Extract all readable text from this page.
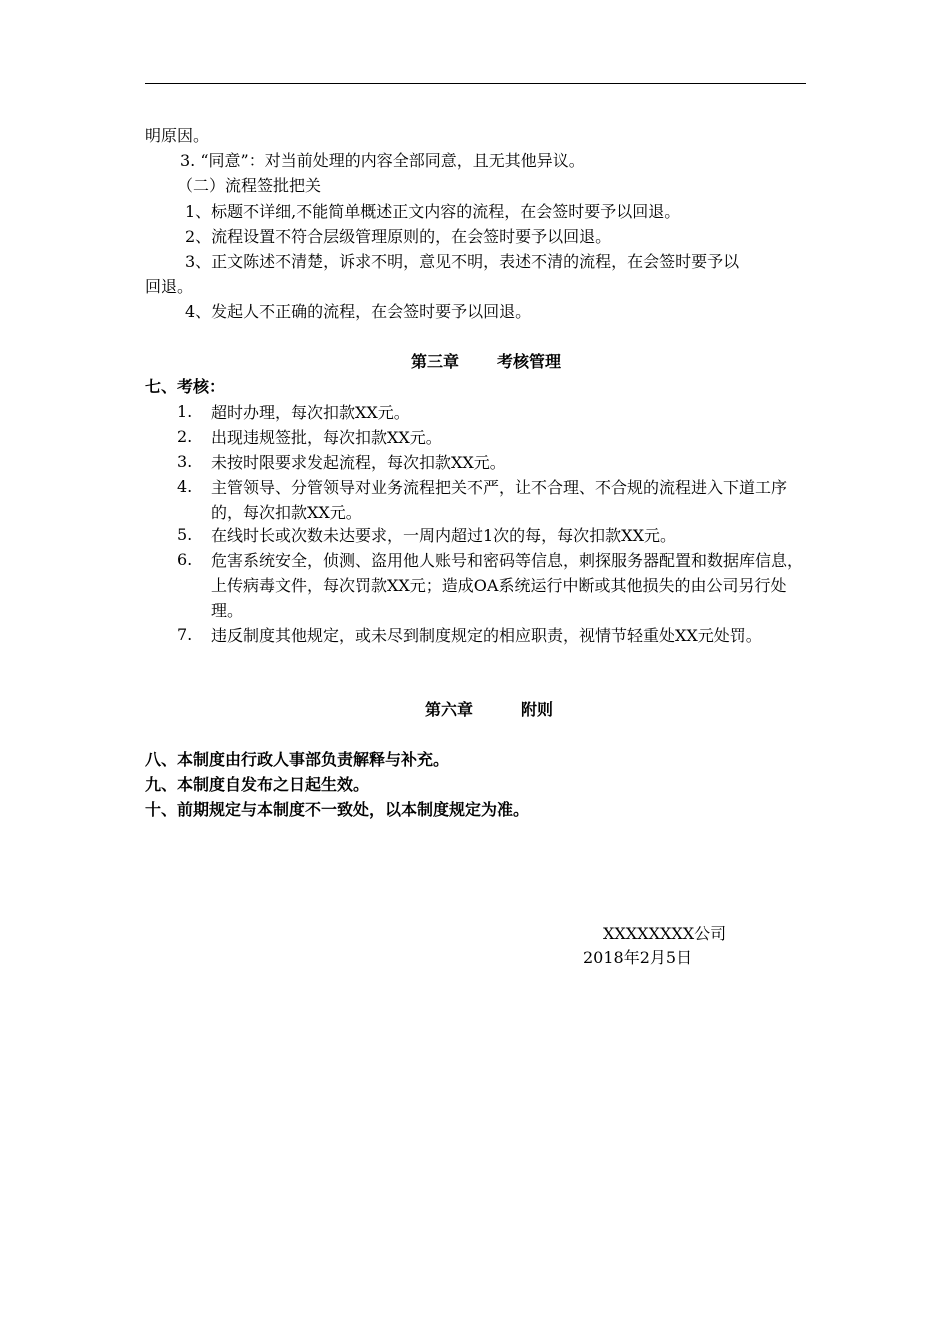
明原因。
3. “同意”：对当前处理的内容全部同意，且无其他异议。
（二）流程签批把关
1、标题不详细,不能简单概述正文内容的流程，在会签时要予以回退。
2、流程设置不符合层级管理原则的，在会签时要予以回退。
3、正文陈述不清楚，诉求不明，意见不明，表述不清的流程，在会签时要予以
回退。
4、发起人不正确的流程，在会签时要予以回退。
第三章 考核管理
七、考核：
1. 超时办理，每次扣款XX元。
2. 出现违规签批，每次扣款XX元。
3. 未按时限要求发起流程，每次扣款XX元。
4. 主管领导、分管领导对业务流程把关不严，让不合理、不合规的流程进入下道工序的，每次扣款XX元。
5. 在线时长或次数未达要求，一周内超过1次的每，每次扣款XX元。
6. 危害系统安全，侦测、盗用他人账号和密码等信息，刺探服务器配置和数据库信息，上传病毒文件，每次罚款XX元；造成OA系统运行中断或其他损失的由公司另行处理。
7. 违反制度其他规定，或未尽到制度规定的相应职责，视情节轻重处XX元处罚。
第六章	附则
八、本制度由行政人事部负责解释与补充。
九、本制度自发布之日起生效。
十、前期规定与本制度不一致处，以本制度规定为准。
XXXXXXXX公司
2018年2月5日
